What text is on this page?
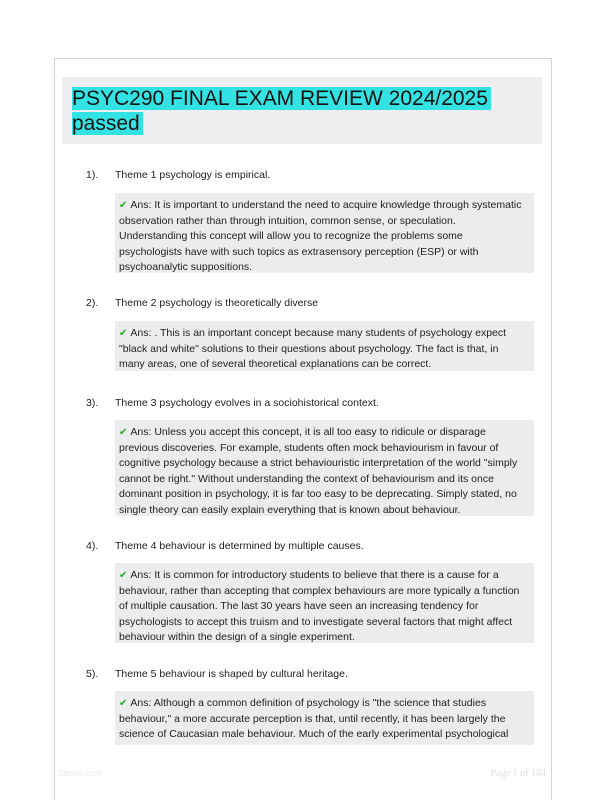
PSYC290 FINAL EXAM REVIEW 2024/2025
passed
1). Theme 1 psychology is empirical.
✔ Ans: It is important to understand the need to acquire knowledge through systematic observation rather than through intuition, common sense, or speculation. Understanding this concept will allow you to recognize the problems some psychologists have with such topics as extrasensory perception (ESP) or with psychoanalytic suppositions.
2). Theme 2 psychology is theoretically diverse
✔ Ans: . This is an important concept because many students of psychology expect "black and white" solutions to their questions about psychology. The fact is that, in many areas, one of several theoretical explanations can be correct.
3). Theme 3 psychology evolves in a sociohistorical context.
✔ Ans: Unless you accept this concept, it is all too easy to ridicule or disparage previous discoveries. For example, students often mock behaviourism in favour of cognitive psychology because a strict behaviouristic interpretation of the world "simply cannot be right." Without understanding the context of behaviourism and its once dominant position in psychology, it is far too easy to be deprecating. Simply stated, no single theory can easily explain everything that is known about behaviour.
4). Theme 4 behaviour is determined by multiple causes.
✔ Ans: It is common for introductory students to believe that there is a cause for a behaviour, rather than accepting that complex behaviours are more typically a function of multiple causation. The last 30 years have seen an increasing tendency for psychologists to accept this truism and to investigate several factors that might affect behaviour within the design of a single experiment.
5). Theme 5 behaviour is shaped by cultural heritage.
✔ Ans: Although a common definition of psychology is "the science that studies behaviour," a more accurate perception is that, until recently, it has been largely the science of Caucasian male behaviour. Much of the early experimental psychological
Stuvia.com	Page 1 of 184
